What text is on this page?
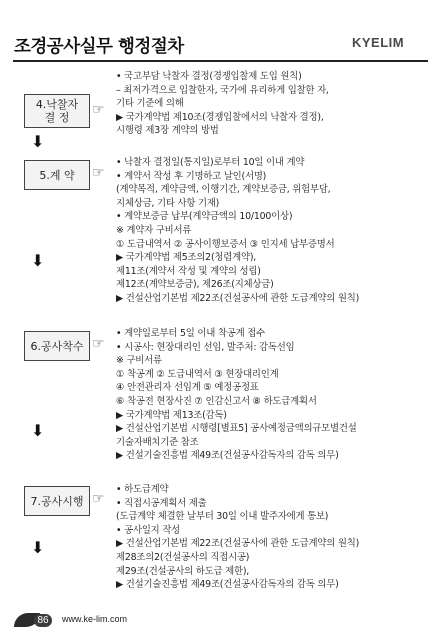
조경공사실무 행정절차	KYELIM
4.낙찰자
결 정 ☞
⬇
• 국고부담 낙찰자 결정(경쟁입찰제 도입 원칙)
– 최저가격으로 입찰한자, 국가에 유리하게 입찰한 자,
기타 기준에 의해
▶ 국가계약법 제10조(경쟁입찰에서의 낙찰자 결정),
시행령 제3장 계약의 방법
5.계 약 ☞
⬇
• 낙찰자 결정일(통지일)로부터 10일 이내 계약
• 계약서 작성 후 기명하고 날인(서명)
(계약목적, 계약금액, 이행기간, 계약보증금, 위험부담,
지체상금, 기타 사항 기재)
• 계약보증금 납부(계약금액의 10/100이상)
※ 계약자 구비서류
① 도급내역서 ② 공사이행보증서 ③ 인지세 납부증명서
▶ 국가계약법 제5조의2(청렴계약),
제11조(계약서 작성 및 계약의 성립)
제12조(계약보증금), 제26조(지체상금)
▶ 건설산업기본법 제22조(건설공사에 관한 도급계약의 원칙)
6.공사착수 ☞
⬇
• 계약일로부터 5일 이내 착공계 접수
• 시공사: 현장대리인 선임, 발주처: 감독선임
※ 구비서류
① 착공계 ② 도급내역서 ③ 현장대리인계
④ 안전관리자 선임계 ⑤ 예정공정표
⑥ 착공전 현장사진 ⑦ 인감신고서 ⑧ 하도급계획서
▶ 국가계약법 제13조(감독)
▶ 건설산업기본법 시행령[별표5] 공사예정금액의규모별건설
기술자배치기준 참조
▶ 건설기술진흥법 제49조(건설공사감독자의 감독 의무)
7.공사시행 ☞
⬇
• 하도급계약
• 직접시공계획서 제출
(도급계약 체결한 날부터 30일 이내 발주자에게 통보)
• 공사일지 작성
▶ 건설산업기본법 제22조(건설공사에 관한 도급계약의 원칙)
제28조의2(건설공사의 직접시공)
제29조(건설공사의 하도급 제한),
▶ 건설기술진흥법 제49조(건설공사감독자의 감독 의무)
86	www.ke-lim.com
